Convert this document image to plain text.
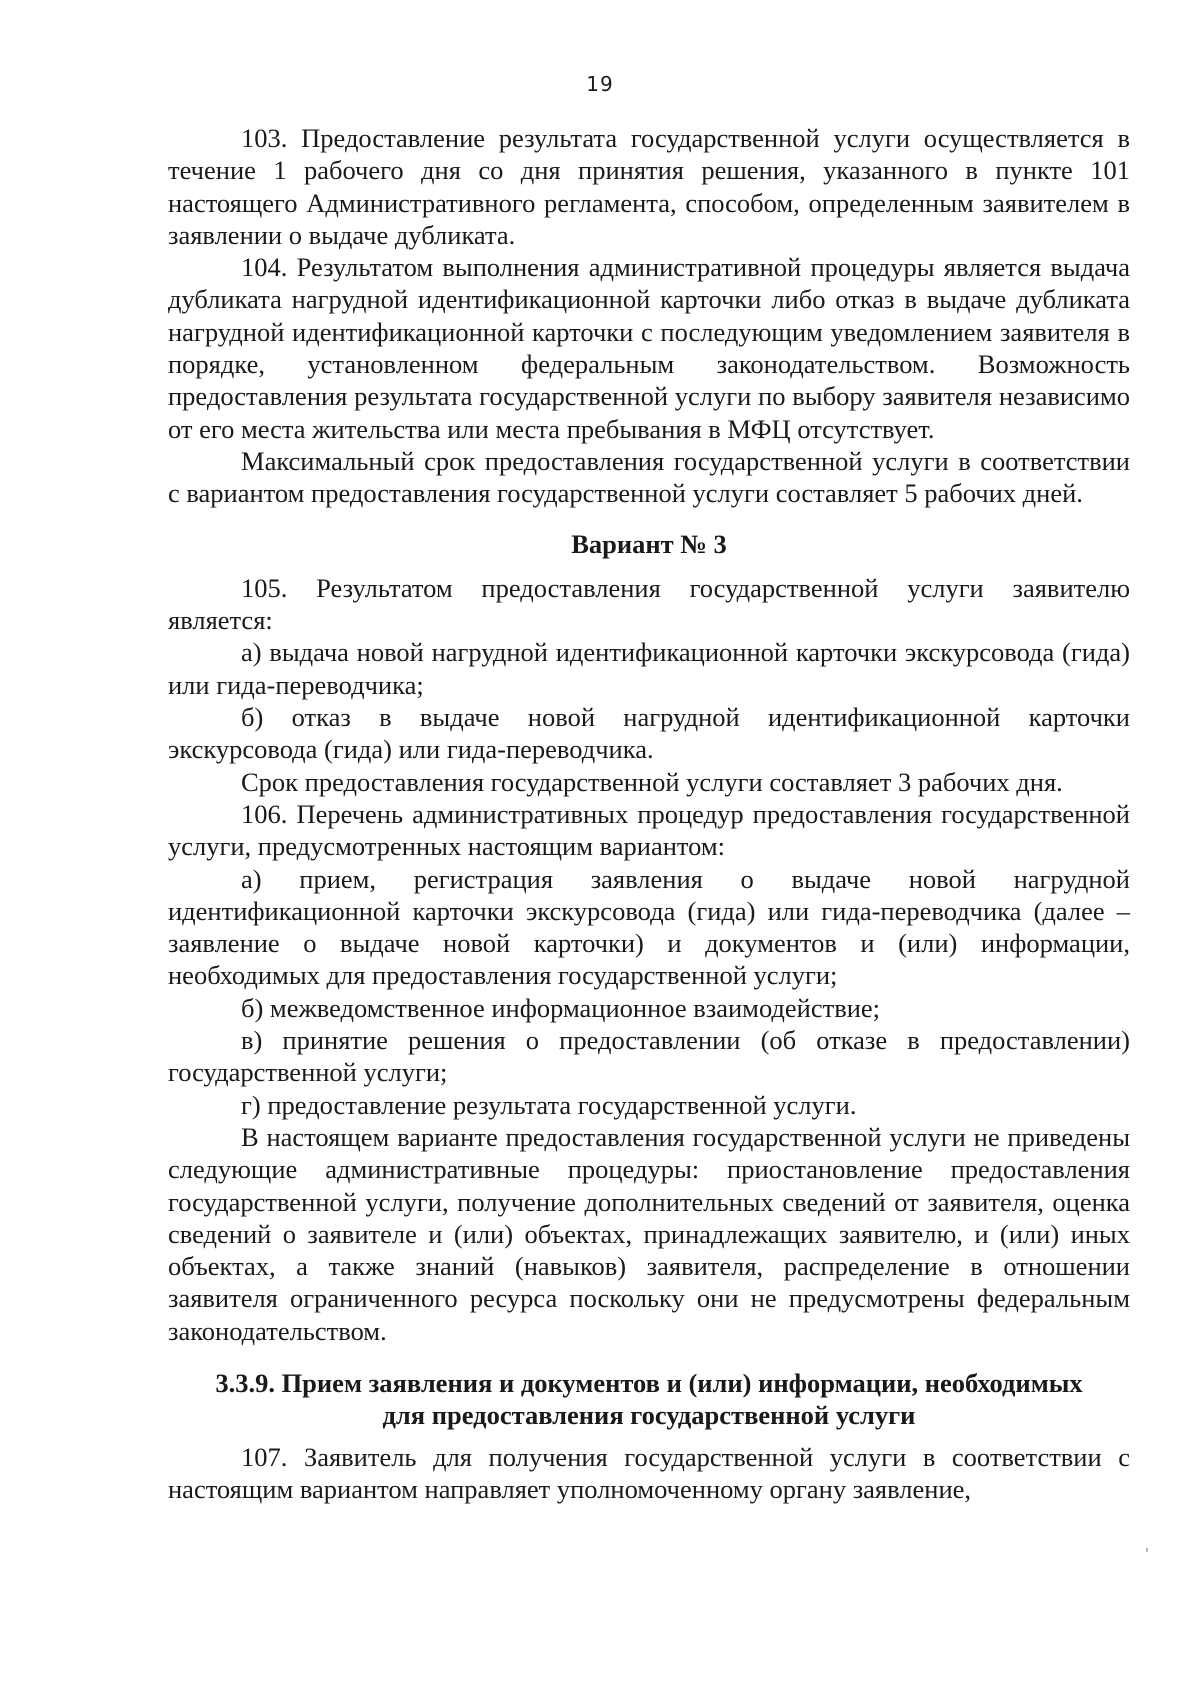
19

103. Предоставление результата государственной услуги осуществляется в течение 1 рабочего дня со дня принятия решения, указанного в пункте 101 настоящего Административного регламента, способом, определенным заявителем в заявлении о выдаче дубликата.

104. Результатом выполнения административной процедуры является выдача дубликата нагрудной идентификационной карточки либо отказ в выдаче дубликата нагрудной идентификационной карточки с последующим уведомлением заявителя в порядке, установленном федеральным законодательством. Возможность предоставления результата государственной услуги по выбору заявителя независимо от его места жительства или места пребывания в МФЦ отсутствует.

Максимальный срок предоставления государственной услуги в соответствии с вариантом предоставления государственной услуги составляет 5 рабочих дней.

Вариант № 3

105. Результатом предоставления государственной услуги заявителю является:

а) выдача новой нагрудной идентификационной карточки экскурсовода (гида) или гида-переводчика;

б) отказ в выдаче новой нагрудной идентификационной карточки экскурсовода (гида) или гида-переводчика.

Срок предоставления государственной услуги составляет 3 рабочих дня.

106. Перечень административных процедур предоставления государственной услуги, предусмотренных настоящим вариантом:

а) прием, регистрация заявления о выдаче новой нагрудной идентификационной карточки экскурсовода (гида) или гида-переводчика (далее – заявление о выдаче новой карточки) и документов и (или) информации, необходимых для предоставления государственной услуги;

б) межведомственное информационное взаимодействие;

в) принятие решения о предоставлении (об отказе в предоставлении) государственной услуги;

г) предоставление результата государственной услуги.

В настоящем варианте предоставления государственной услуги не приведены следующие административные процедуры: приостановление предоставления государственной услуги, получение дополнительных сведений от заявителя, оценка сведений о заявителе и (или) объектах, принадлежащих заявителю, и (или) иных объектах, а также знаний (навыков) заявителя, распределение в отношении заявителя ограниченного ресурса поскольку они не предусмотрены федеральным законодательством.

3.3.9. Прием заявления и документов и (или) информации, необходимых
для предоставления государственной услуги

107. Заявитель для получения государственной услуги в соответствии с настоящим вариантом направляет уполномоченному органу заявление,
